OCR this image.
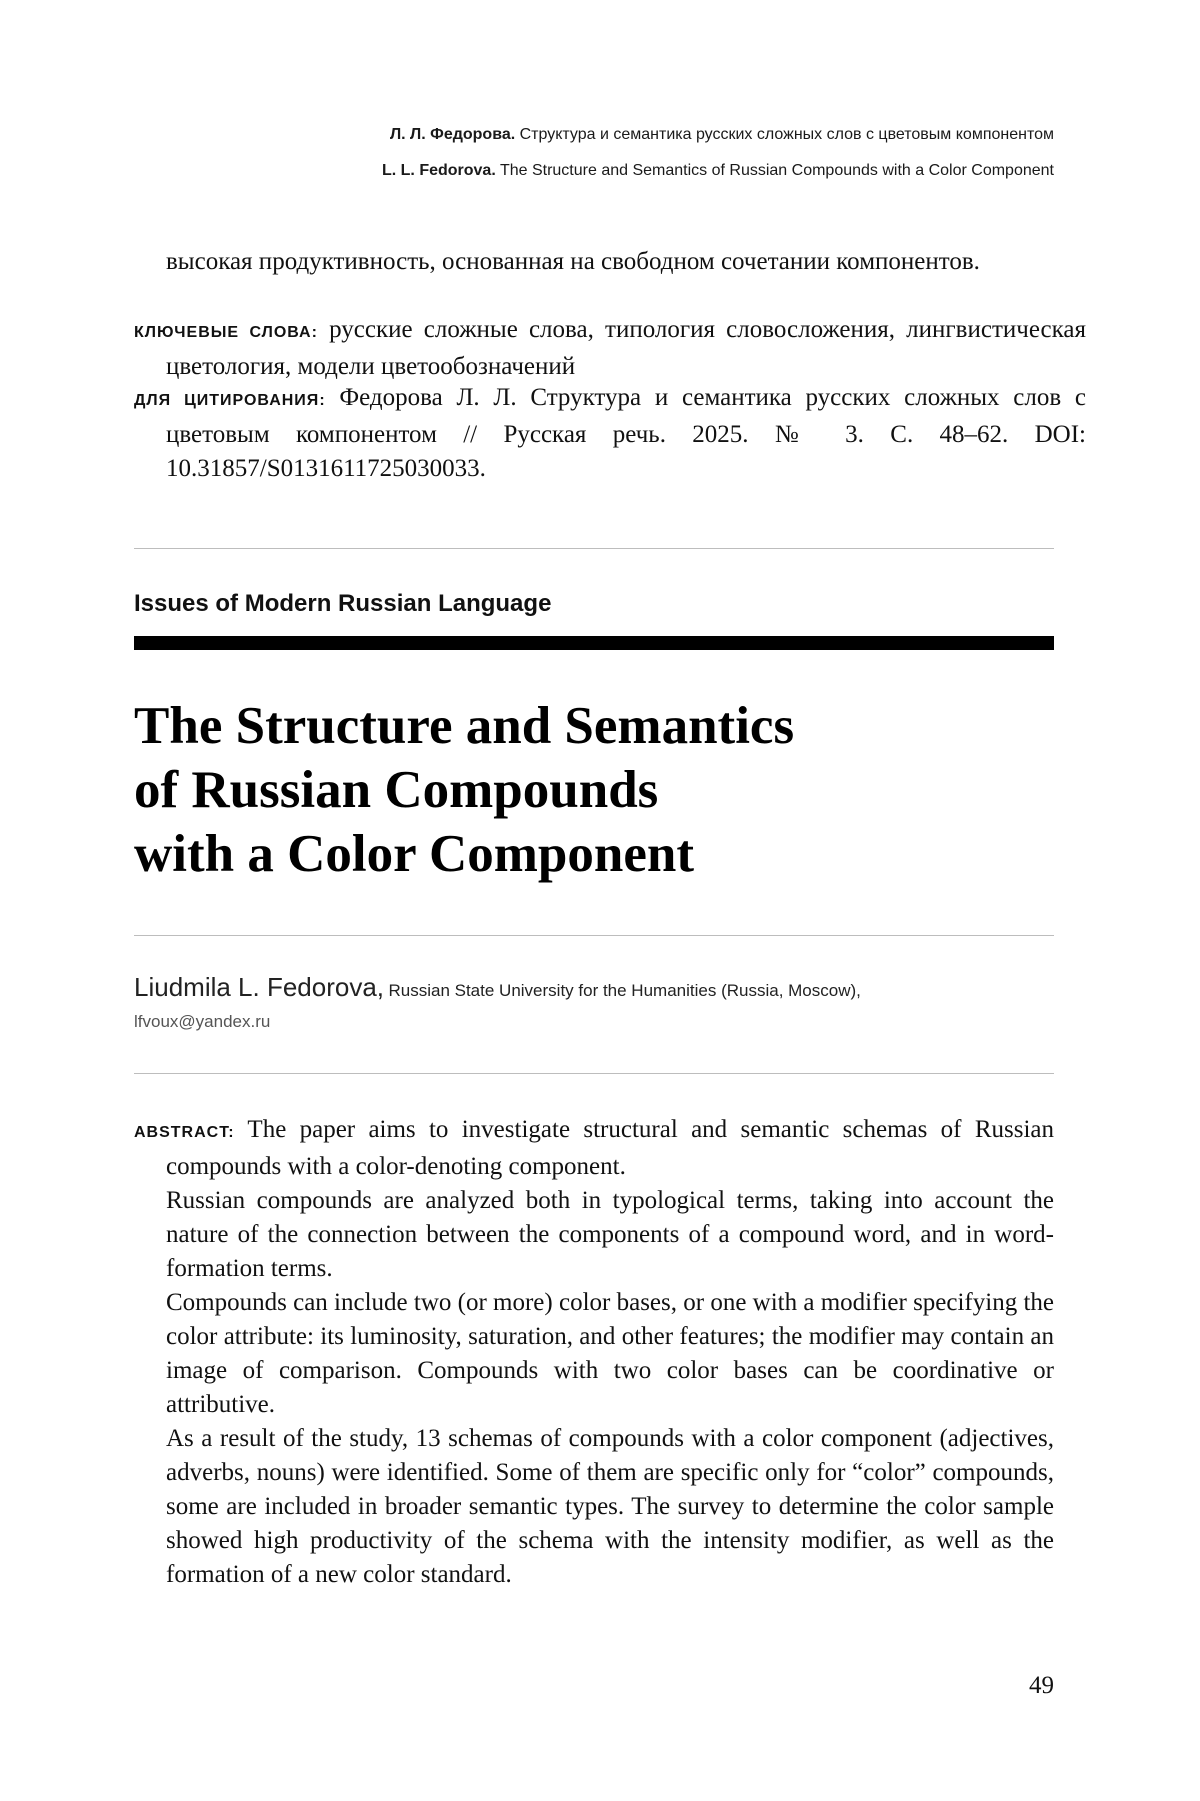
Л. Л. Федорова. Структура и семантика русских сложных слов с цветовым компонентом
L. L. Fedorova. The Structure and Semantics of Russian Compounds with a Color Component
высокая продуктивность, основанная на свободном сочетании компонентов.
КЛЮЧЕВЫЕ СЛОВА: русские сложные слова, типология словосложения, лингвистическая цветология, модели цветообозначений
ДЛЯ ЦИТИРОВАНИЯ: Федорова Л. Л. Структура и семантика русских сложных слов с цветовым компонентом // Русская речь. 2025. № 3. С. 48–62. DOI: 10.31857/S0131611725030033.
Issues of Modern Russian Language
The Structure and Semantics
of Russian Compounds
with a Color Component
Liudmila L. Fedorova, Russian State University for the Humanities (Russia, Moscow),
lfvoux@yandex.ru
ABSTRACT: The paper aims to investigate structural and semantic schemas of Russian compounds with a color-denoting component.
Russian compounds are analyzed both in typological terms, taking into account the nature of the connection between the components of a compound word, and in word-formation terms.
Compounds can include two (or more) color bases, or one with a modifier specifying the color attribute: its luminosity, saturation, and other features; the modifier may contain an image of comparison. Compounds with two color bases can be coordinative or attributive.
As a result of the study, 13 schemas of compounds with a color component (adjectives, adverbs, nouns) were identified. Some of them are specific only for “color” compounds, some are included in broader semantic types. The survey to determine the color sample showed high productivity of the schema with the intensity modifier, as well as the formation of a new color standard.
49
